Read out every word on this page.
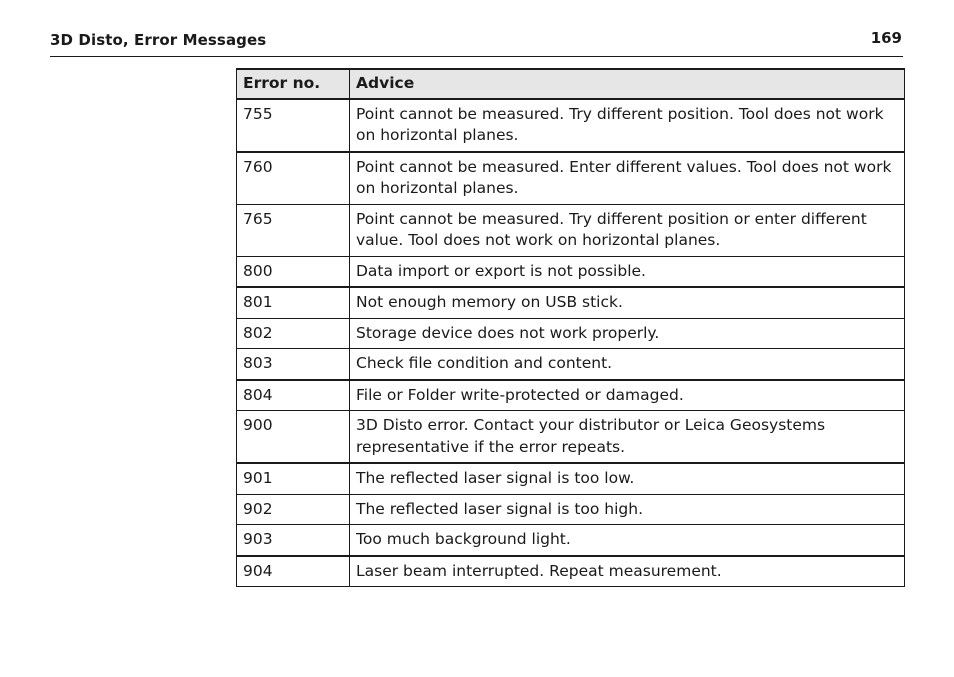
3D Disto, Error Messages	169
Error no.	Advice
755	Point cannot be measured. Try different position. Tool does not work on horizontal planes.
760	Point cannot be measured. Enter different values. Tool does not work on horizontal planes.
765	Point cannot be measured. Try different position or enter different value. Tool does not work on horizontal planes.
800	Data import or export is not possible.
801	Not enough memory on USB stick.
802	Storage device does not work properly.
803	Check file condition and content.
804	File or Folder write-protected or damaged.
900	3D Disto error. Contact your distributor or Leica Geosystems representative if the error repeats.
901	The reflected laser signal is too low.
902	The reflected laser signal is too high.
903	Too much background light.
904	Laser beam interrupted. Repeat measurement.
